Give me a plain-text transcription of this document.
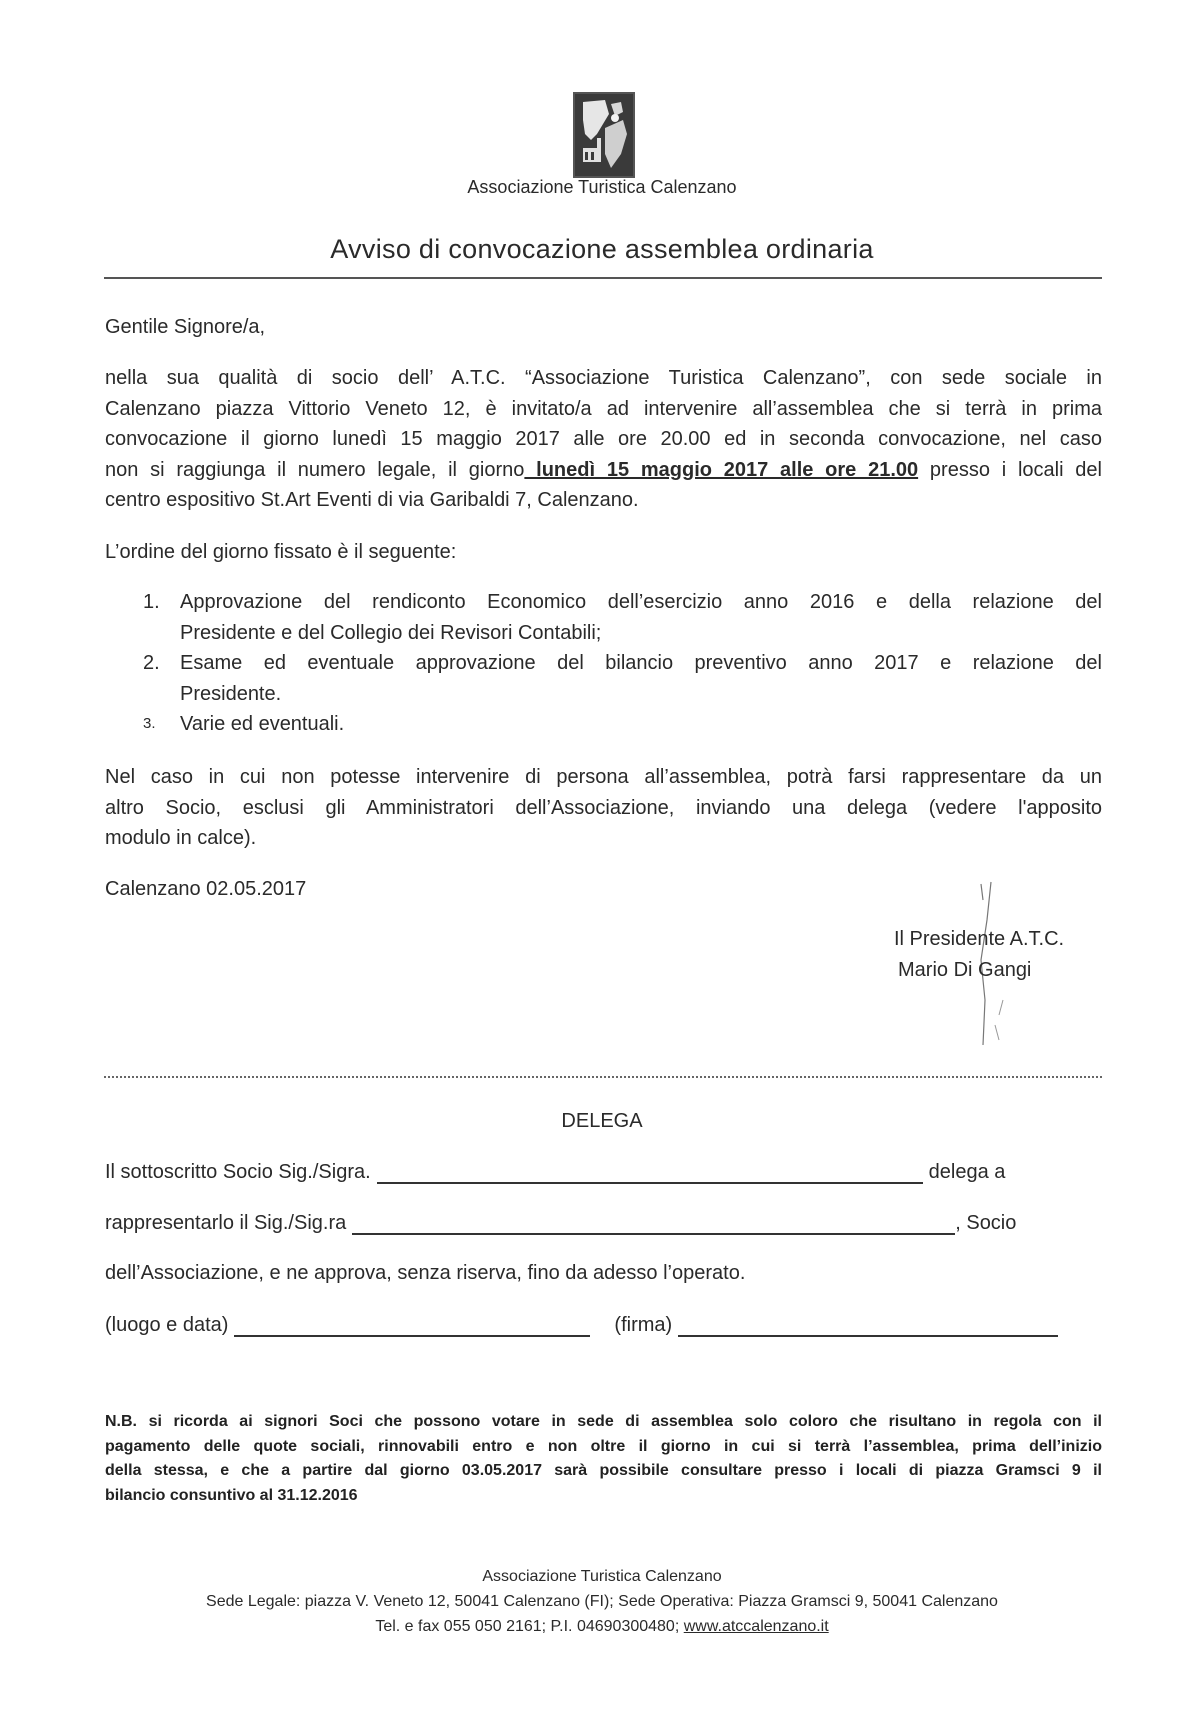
Associazione Turistica Calenzano
Avviso di convocazione assemblea ordinaria
Gentile Signore/a,
nella sua qualità di socio dell’ A.T.C. “Associazione Turistica Calenzano”, con sede sociale in
Calenzano piazza Vittorio Veneto 12, è invitato/a ad intervenire all’assemblea che si terrà in prima
convocazione il giorno lunedì 15 maggio 2017 alle ore 20.00 ed in seconda convocazione, nel caso
non si raggiunga il numero legale, il giorno lunedì 15 maggio 2017 alle ore 21.00 presso i locali del
centro espositivo St.Art Eventi di via Garibaldi 7, Calenzano.
L’ordine del giorno fissato è il seguente:
1. Approvazione del rendiconto Economico dell’esercizio anno 2016 e della relazione del
Presidente e del Collegio dei Revisori Contabili;
2. Esame ed eventuale approvazione del bilancio preventivo anno 2017 e relazione del
Presidente.
3. Varie ed eventuali.
Nel caso in cui non potesse intervenire di persona all’assemblea, potrà farsi rappresentare da un
altro Socio, esclusi gli Amministratori dell’Associazione, inviando una delega (vedere l'apposito
modulo in calce).
Calenzano 02.05.2017
Il Presidente A.T.C.
Mario Di Gangi
DELEGA
Il sottoscritto Socio Sig./Sigra.	delega a
rappresentarlo il Sig./Sig.ra	, Socio
dell’Associazione, e ne approva, senza riserva, fino da adesso l’operato.
(luogo e data)	(firma)
N.B. si ricorda ai signori Soci che possono votare in sede di assemblea solo coloro che risultano in regola con il
pagamento delle quote sociali, rinnovabili entro e non oltre il giorno in cui si terrà l’assemblea, prima dell’inizio
della stessa, e che a partire dal giorno 03.05.2017 sarà possibile consultare presso i locali di piazza Gramsci 9 il
bilancio consuntivo al 31.12.2016
Associazione Turistica Calenzano
Sede Legale: piazza V. Veneto 12, 50041 Calenzano (FI); Sede Operativa: Piazza Gramsci 9, 50041 Calenzano
Tel. e fax 055 050 2161; P.I. 04690300480; www.atccalenzano.it
